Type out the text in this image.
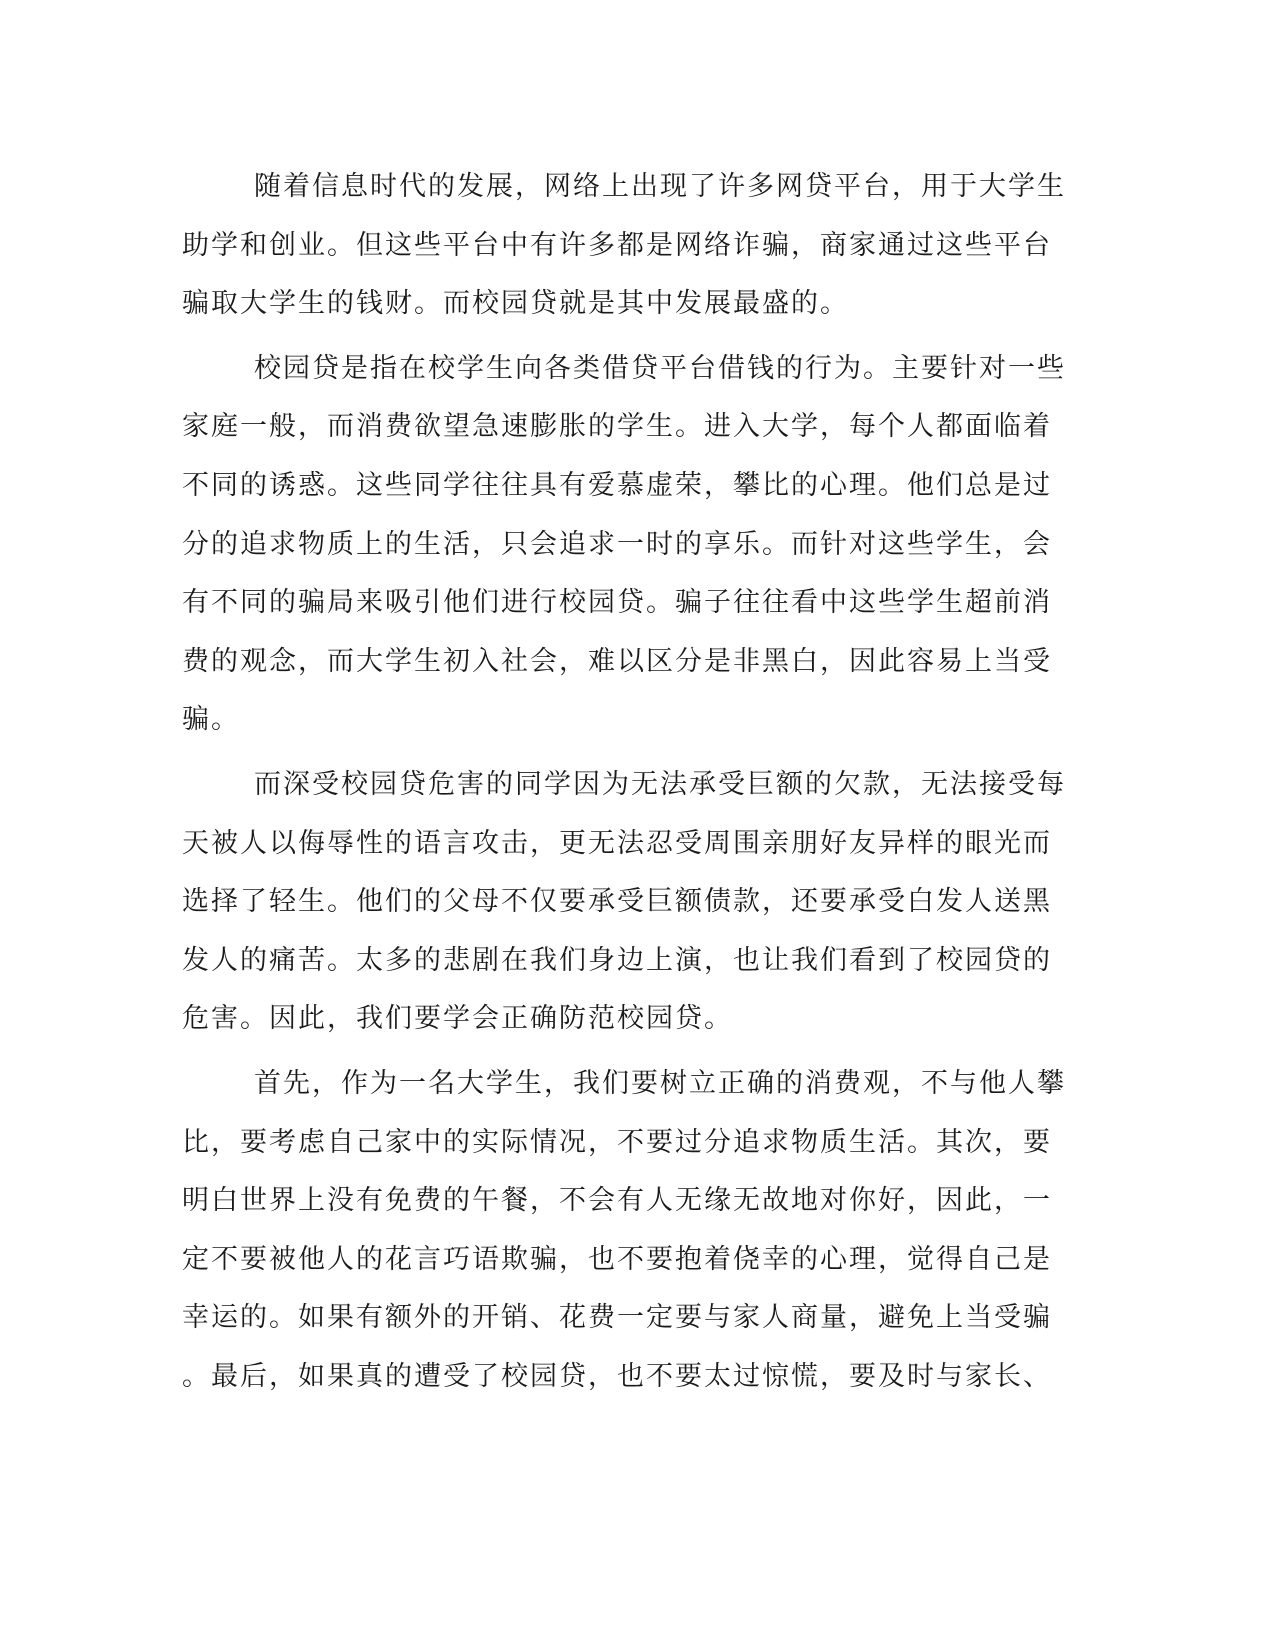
随着信息时代的发展，网络上出现了许多网贷平台，用于大学生
助学和创业。但这些平台中有许多都是网络诈骗，商家通过这些平台
骗取大学生的钱财。而校园贷就是其中发展最盛的。

校园贷是指在校学生向各类借贷平台借钱的行为。主要针对一些
家庭一般，而消费欲望急速膨胀的学生。进入大学，每个人都面临着
不同的诱惑。这些同学往往具有爱慕虚荣，攀比的心理。他们总是过
分的追求物质上的生活，只会追求一时的享乐。而针对这些学生，会
有不同的骗局来吸引他们进行校园贷。骗子往往看中这些学生超前消
费的观念，而大学生初入社会，难以区分是非黑白，因此容易上当受
骗。

而深受校园贷危害的同学因为无法承受巨额的欠款，无法接受每
天被人以侮辱性的语言攻击，更无法忍受周围亲朋好友异样的眼光而
选择了轻生。他们的父母不仅要承受巨额债款，还要承受白发人送黑
发人的痛苦。太多的悲剧在我们身边上演，也让我们看到了校园贷的
危害。因此，我们要学会正确防范校园贷。

首先，作为一名大学生，我们要树立正确的消费观，不与他人攀
比，要考虑自己家中的实际情况，不要过分追求物质生活。其次，要
明白世界上没有免费的午餐，不会有人无缘无故地对你好，因此，一
定不要被他人的花言巧语欺骗，也不要抱着侥幸的心理，觉得自己是
幸运的。如果有额外的开销、花费一定要与家人商量，避免上当受骗
。最后，如果真的遭受了校园贷，也不要太过惊慌，要及时与家长、
